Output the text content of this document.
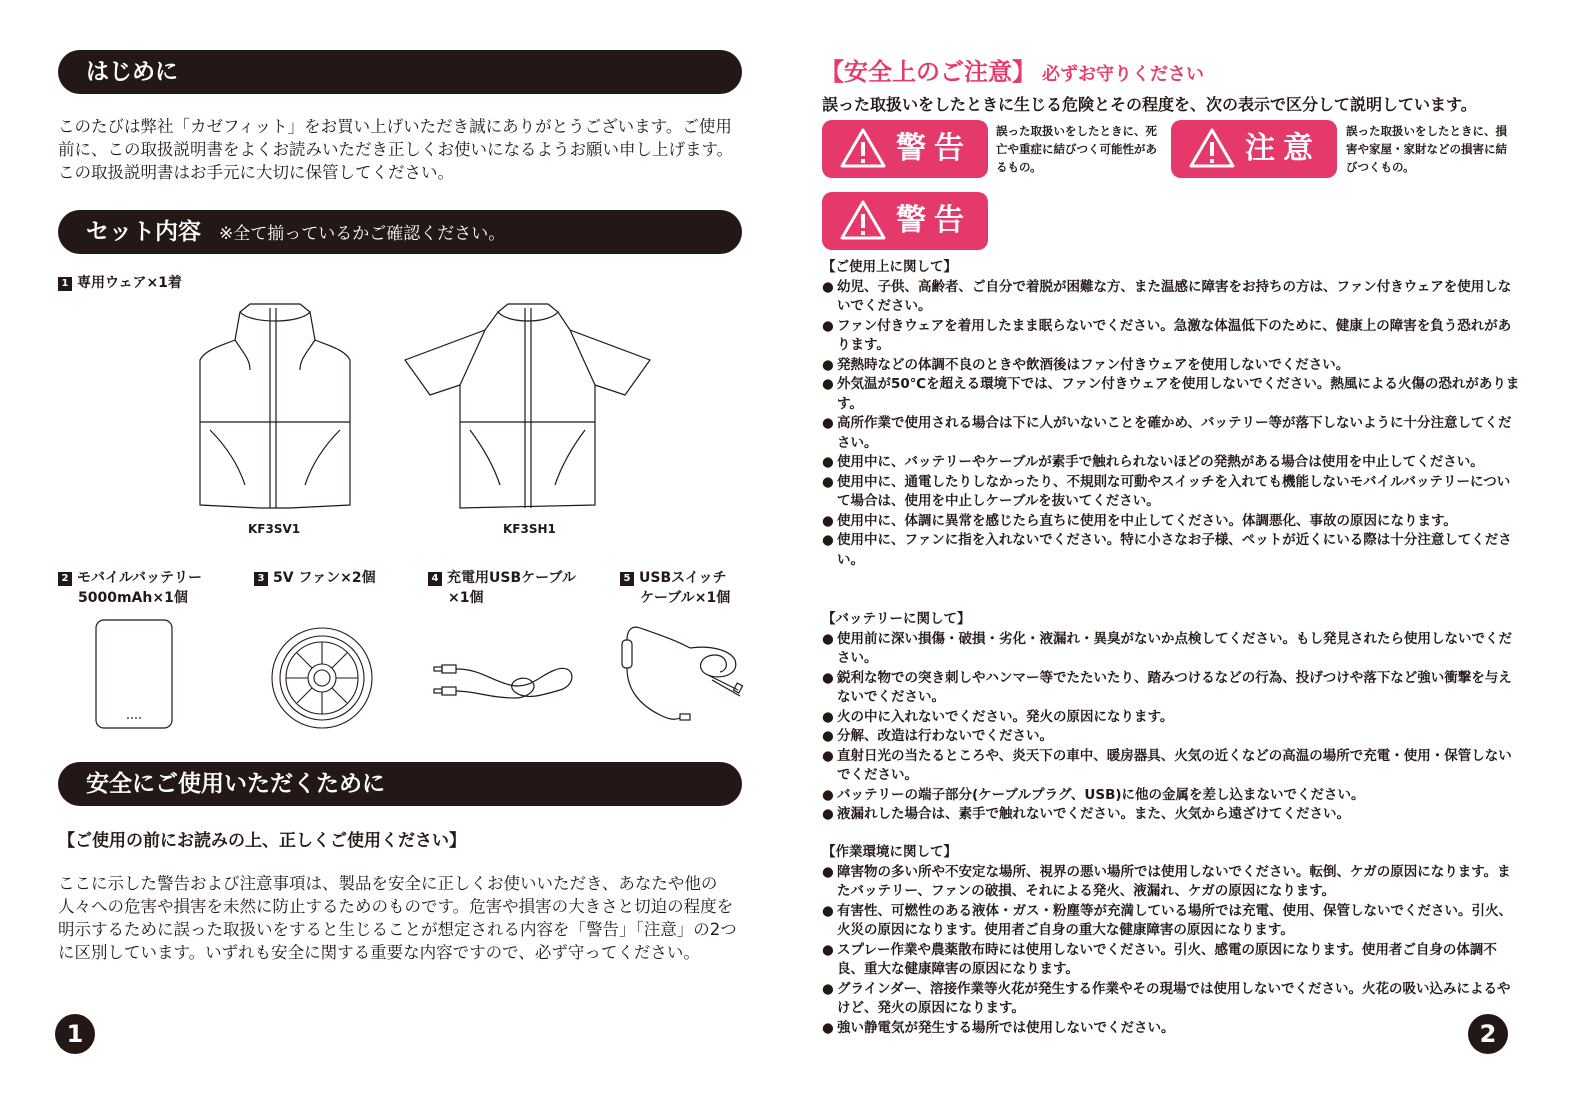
はじめに

このたびは弊社「カゼフィット」をお買い上げいただき誠にありがとうございます。ご使用前に、この取扱説明書をよくお読みいただき正しくお使いになるようお願い申し上げます。この取扱説明書はお手元に大切に保管してください。

セット内容 ※全て揃っているかご確認ください。
1 専用ウェア×1着
KF3SV1	KF3SH1
2 モバイルバッテリー
5000mAh×1個
3 5V ファン×2個	4 充電用USBケーブル
×1個
5 USBスイッチ
ケーブル×1個
安全にご使用いただくために
【ご使用の前にお読みの上、正しくご使用ください】

ここに示した警告および注意事項は、製品を安全に正しくお使いいただき、あなたや他の人々への危害や損害を未然に防止するためのものです。危害や損害の大きさと切迫の程度を明示するために誤った取扱いをすると生じることが想定される内容を「警告」「注意」の2つに区別しています。いずれも安全に関する重要な内容ですので、必ず守ってください。

1
【安全上のご注意】 必ずお守りください
誤った取扱いをしたときに生じる危険とその程度を、次の表示で区分して説明しています。
警告	誤った取扱いをしたときに、死亡や重症に結びつく可能性があるもの。
注意	誤った取扱いをしたときに、損害や家屋・家財などの損害に結びつくもの。
警告
【ご使用上に関して】
● 幼児、子供、高齢者、ご自分で着脱が困難な方、また温感に障害をお持ちの方は、ファン付きウェアを使用しないでください。
● ファン付きウェアを着用したまま眠らないでください。急激な体温低下のために、健康上の障害を負う恐れがあります。
● 発熱時などの体調不良のときや飲酒後はファン付きウェアを使用しないでください。
● 外気温が50℃を超える環境下では、ファン付きウェアを使用しないでください。熱風による火傷の恐れがあります。
● 高所作業で使用される場合は下に人がいないことを確かめ、バッテリー等が落下しないように十分注意してください。
● 使用中に、バッテリーやケーブルが素手で触れられないほどの発熱がある場合は使用を中止してください。
● 使用中に、通電したりしなかったり、不規則な可動やスイッチを入れても機能しないモバイルバッテリーについて場合は、使用を中止しケーブルを抜いてください。
● 使用中に、体調に異常を感じたら直ちに使用を中止してください。体調悪化、事故の原因になります。
● 使用中に、ファンに指を入れないでください。特に小さなお子様、ペットが近くにいる際は十分注意してください。
【バッテリーに関して】
● 使用前に深い損傷・破損・劣化・液漏れ・異臭がないか点検してください。もし発見されたら使用しないでください。
● 鋭利な物での突き刺しやハンマー等でたたいたり、踏みつけるなどの行為、投げつけや落下など強い衝撃を与えないでください。
● 火の中に入れないでください。発火の原因になります。
● 分解、改造は行わないでください。
● 直射日光の当たるところや、炎天下の車中、暖房器具、火気の近くなどの高温の場所で充電・使用・保管しないでください。
● バッテリーの端子部分(ケーブルプラグ、USB)に他の金属を差し込まないでください。
● 液漏れした場合は、素手で触れないでください。また、火気から遠ざけてください。
【作業環境に関して】
● 障害物の多い所や不安定な場所、視界の悪い場所では使用しないでください。転倒、ケガの原因になります。またバッテリー、ファンの破損、それによる発火、液漏れ、ケガの原因になります。
● 有害性、可燃性のある液体・ガス・粉塵等が充満している場所では充電、使用、保管しないでください。引火、火災の原因になります。使用者ご自身の重大な健康障害の原因になります。
● スプレー作業や農薬散布時には使用しないでください。引火、感電の原因になります。使用者ご自身の体調不良、重大な健康障害の原因になります。
● グラインダー、溶接作業等火花が発生する作業やその現場では使用しないでください。火花の吸い込みによるやけど、発火の原因になります。
● 強い静電気が発生する場所では使用しないでください。	2
